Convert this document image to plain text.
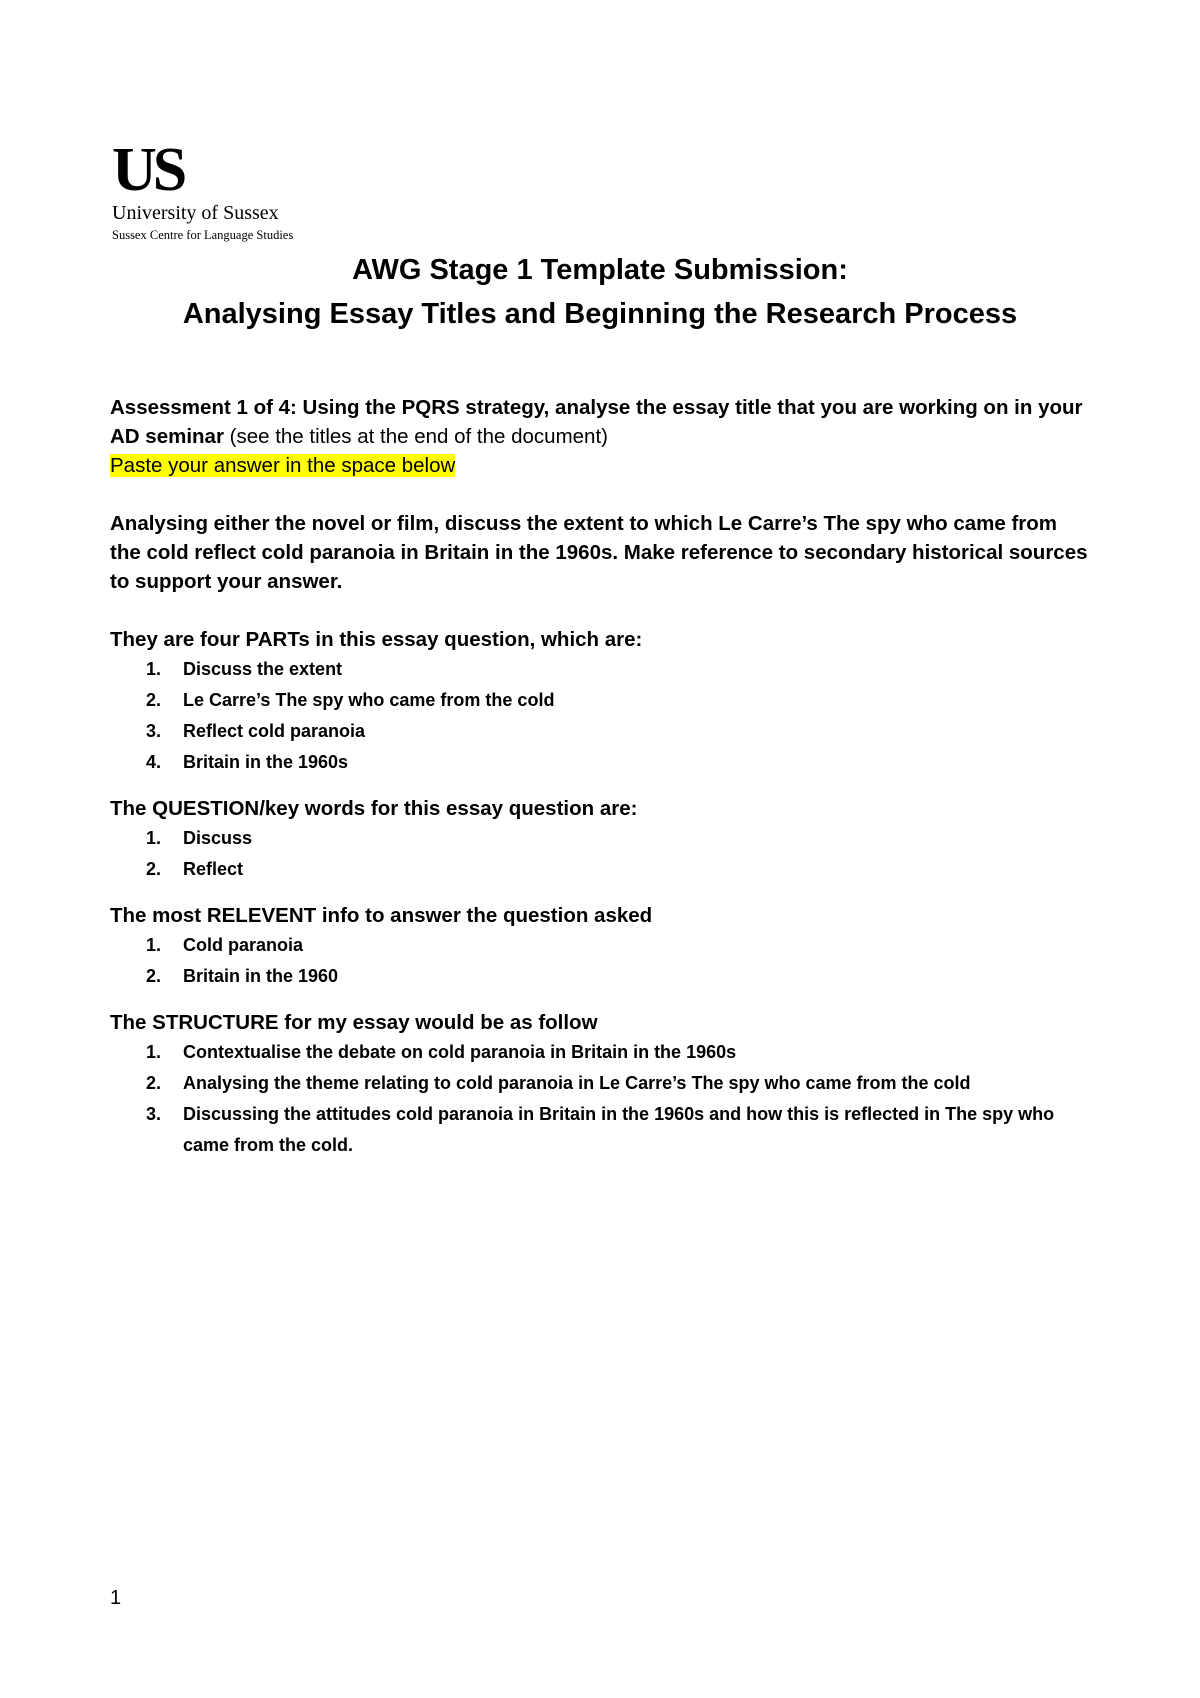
US
University of Sussex
Sussex Centre for Language Studies
AWG Stage 1 Template Submission:
Analysing Essay Titles and Beginning the Research Process

Assessment 1 of 4: Using the PQRS strategy, analyse the essay title that you are working on in your AD seminar (see the titles at the end of the document)
Paste your answer in the space below

Analysing either the novel or film, discuss the extent to which Le Carre’s The spy who came from the cold reflect cold paranoia in Britain in the 1960s. Make reference to secondary historical sources to support your answer.

They are four PARTs in this essay question, which are:

1. Discuss the extent
2. Le Carre’s The spy who came from the cold
3. Reflect cold paranoia
4. Britain in the 1960s

The QUESTION/key words for this essay question are:

1. Discuss
2. Reflect

The most RELEVENT info to answer the question asked

1. Cold paranoia
2. Britain in the 1960

The STRUCTURE for my essay would be as follow

1. Contextualise the debate on cold paranoia in Britain in the 1960s
2. Analysing the theme relating to cold paranoia in Le Carre’s The spy who came from the cold
3. Discussing the attitudes cold paranoia in Britain in the 1960s and how this is reflected in The spy who came from the cold.
1
